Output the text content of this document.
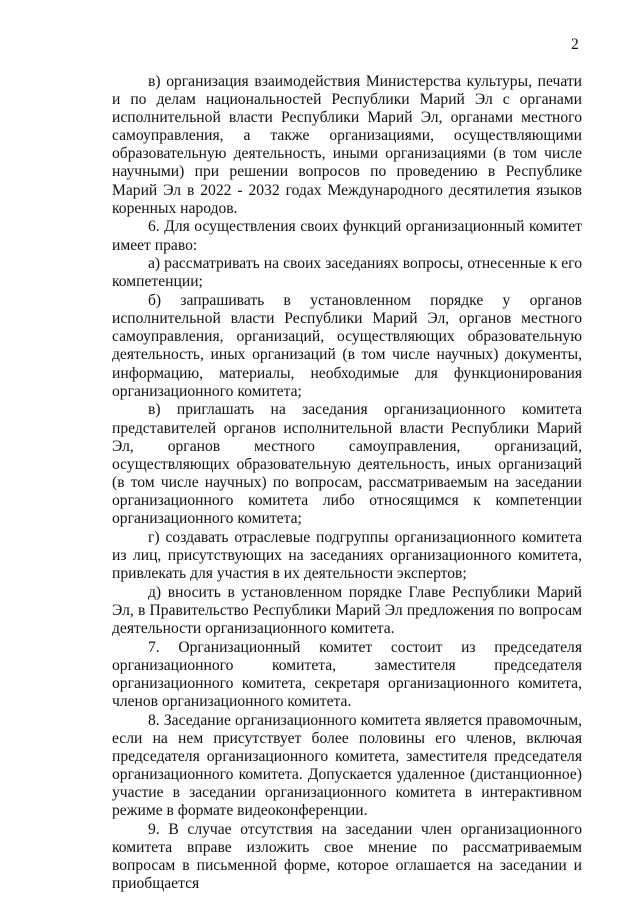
2

в) организация взаимодействия Министерства культуры, печати и по делам национальностей Республики Марий Эл с органами исполнительной власти Республики Марий Эл, органами местного самоуправления, а также организациями, осуществляющими образовательную деятельность, иными организациями (в том числе научными) при решении вопросов по проведению в Республике Марий Эл в 2022 - 2032 годах Международного десятилетия языков коренных народов.

6. Для осуществления своих функций организационный комитет имеет право:

а) рассматривать на своих заседаниях вопросы, отнесенные к его компетенции;

б) запрашивать в установленном порядке у органов исполнительной власти Республики Марий Эл, органов местного самоуправления, организаций, осуществляющих образовательную деятельность, иных организаций (в том числе научных) документы, информацию, материалы, необходимые для функционирования организационного комитета;

в) приглашать на заседания организационного комитета представителей органов исполнительной власти Республики Марий Эл, органов местного самоуправления, организаций, осуществляющих образовательную деятельность, иных организаций (в том числе научных) по вопросам, рассматриваемым на заседании организационного комитета либо относящимся к компетенции организационного комитета;

г) создавать отраслевые подгруппы организационного комитета из лиц, присутствующих на заседаниях организационного комитета, привлекать для участия в их деятельности экспертов;

д) вносить в установленном порядке Главе Республики Марий Эл, в Правительство Республики Марий Эл предложения по вопросам деятельности организационного комитета.

7. Организационный комитет состоит из председателя организационного комитета, заместителя председателя организационного комитета, секретаря организационного комитета, членов организационного комитета.

8. Заседание организационного комитета является правомочным, если на нем присутствует более половины его членов, включая председателя организационного комитета, заместителя председателя организационного комитета. Допускается удаленное (дистанционное) участие в заседании организационного комитета в интерактивном режиме в формате видеоконференции.

9. В случае отсутствия на заседании член организационного комитета вправе изложить свое мнение по рассматриваемым вопросам в письменной форме, которое оглашается на заседании и приобщается
